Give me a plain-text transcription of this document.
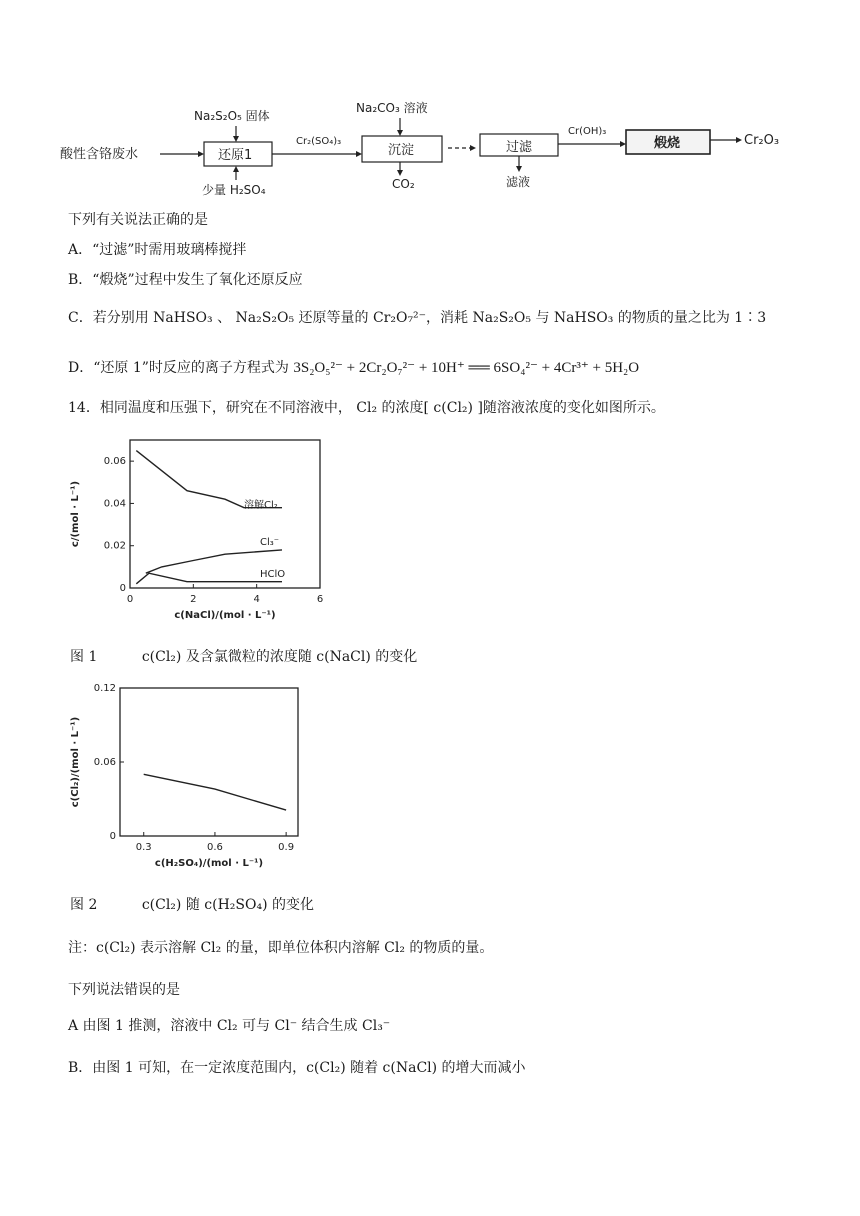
酸性含铬废水	还原1
Na₂S₂O₅ 固体
少量 H₂SO₄
Cr₂(SO₄)₃
沉淀
Na₂CO₃ 溶液
CO₂
过滤
滤液
Cr(OH)₃
煅烧	Cr₂O₃
下列有关说法正确的是
A．“过滤”时需用玻璃棒搅拌
B．“煅烧”过程中发生了氧化还原反应
C．若分别用 NaHSO₃ 、 Na₂S₂O₅ 还原等量的 Cr₂O₇²⁻，消耗 Na₂S₂O₅ 与 NaHSO₃ 的物质的量之比为 1∶3
D．“还原 1”时反应的离子方程式为 3S₂O₅²⁻ + 2Cr₂O₇²⁻ + 10H⁺ ══ 6SO₄²⁻ + 4Cr³⁺ + 5H₂O
14．相同温度和压强下，研究在不同溶液中， Cl₂ 的浓度[ c(Cl₂) ]随溶液浓度的变化如图所示。
0	2	4	6
0
0.02
0.04
0.06
c(NaCl)/(mol · L⁻¹)
c/(mol · L⁻¹)	溶解Cl₂
Cl₃⁻
HClO
图 1	c(Cl₂) 及含氯微粒的浓度随 c(NaCl) 的变化
0.3	0.6	0.9
0
0.06
0.12
c(H₂SO₄)/(mol · L⁻¹)
c(Cl₂)/(mol · L⁻¹)
图 2	c(Cl₂) 随 c(H₂SO₄) 的变化
注：c(Cl₂) 表示溶解 Cl₂ 的量，即单位体积内溶解 Cl₂ 的物质的量。
下列说法错误的是
A 由图 1 推测，溶液中 Cl₂ 可与 Cl⁻ 结合生成 Cl₃⁻
B．由图 1 可知，在一定浓度范围内，c(Cl₂) 随着 c(NaCl) 的增大而减小
